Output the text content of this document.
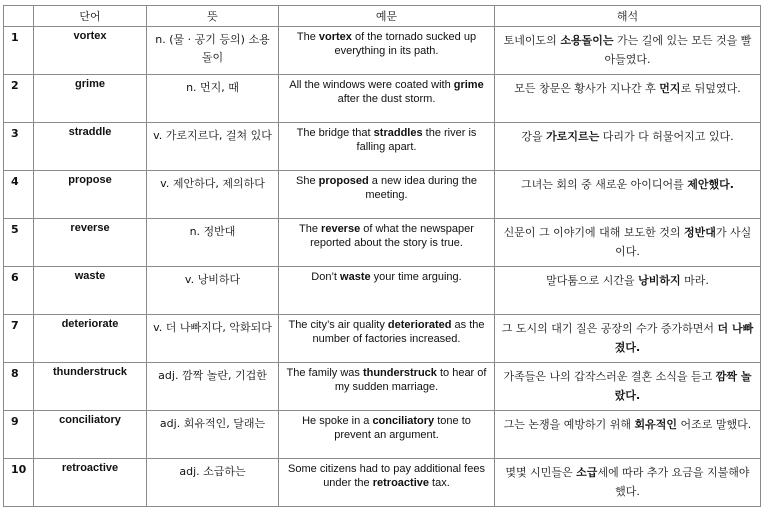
	단어	뜻	예문	해석
1	vortex	n. (물 · 공기 등의) 소용돌이	The vortex of the tornado sucked up everything in its path.	토네이도의 소용돌이는 가는 길에 있는 모든 것을 빨아들였다.
2	grime	n. 먼지, 때	All the windows were coated with grime after the dust storm.	모든 창문은 황사가 지나간 후 먼지로 뒤덮였다.
3	straddle	v. 가로지르다, 걸쳐 있다	The bridge that straddles the river is falling apart.	강을 가로지르는 다리가 다 허물어지고 있다.
4	propose	v. 제안하다, 제의하다	She proposed a new idea during the meeting.	그녀는 회의 중 새로운 아이디어를 제안했다.
5	reverse	n. 정반대	The reverse of what the newspaper reported about the story is true.	신문이 그 이야기에 대해 보도한 것의 정반대가 사실이다.
6	waste	v. 낭비하다	Don’t waste your time arguing.	말다툼으로 시간을 낭비하지 마라.
7	deteriorate	v. 더 나빠지다, 악화되다	The city’s air quality deteriorated as the number of factories increased.	그 도시의 대기 질은 공장의 수가 증가하면서 더 나빠졌다.
8	thunderstruck	adj. 깜짝 놀란, 기겁한	The family was thunderstruck to hear of my sudden marriage.	가족들은 나의 갑작스러운 결혼 소식을 듣고 깜짝 놀랐다.
9	conciliatory	adj. 회유적인, 달래는	He spoke in a conciliatory tone to prevent an argument.	그는 논쟁을 예방하기 위해 회유적인 어조로 말했다.
10	retroactive	adj. 소급하는	Some citizens had to pay additional fees under the retroactive tax.	몇몇 시민들은 소급세에 따라 추가 요금을 지불해야 했다.
